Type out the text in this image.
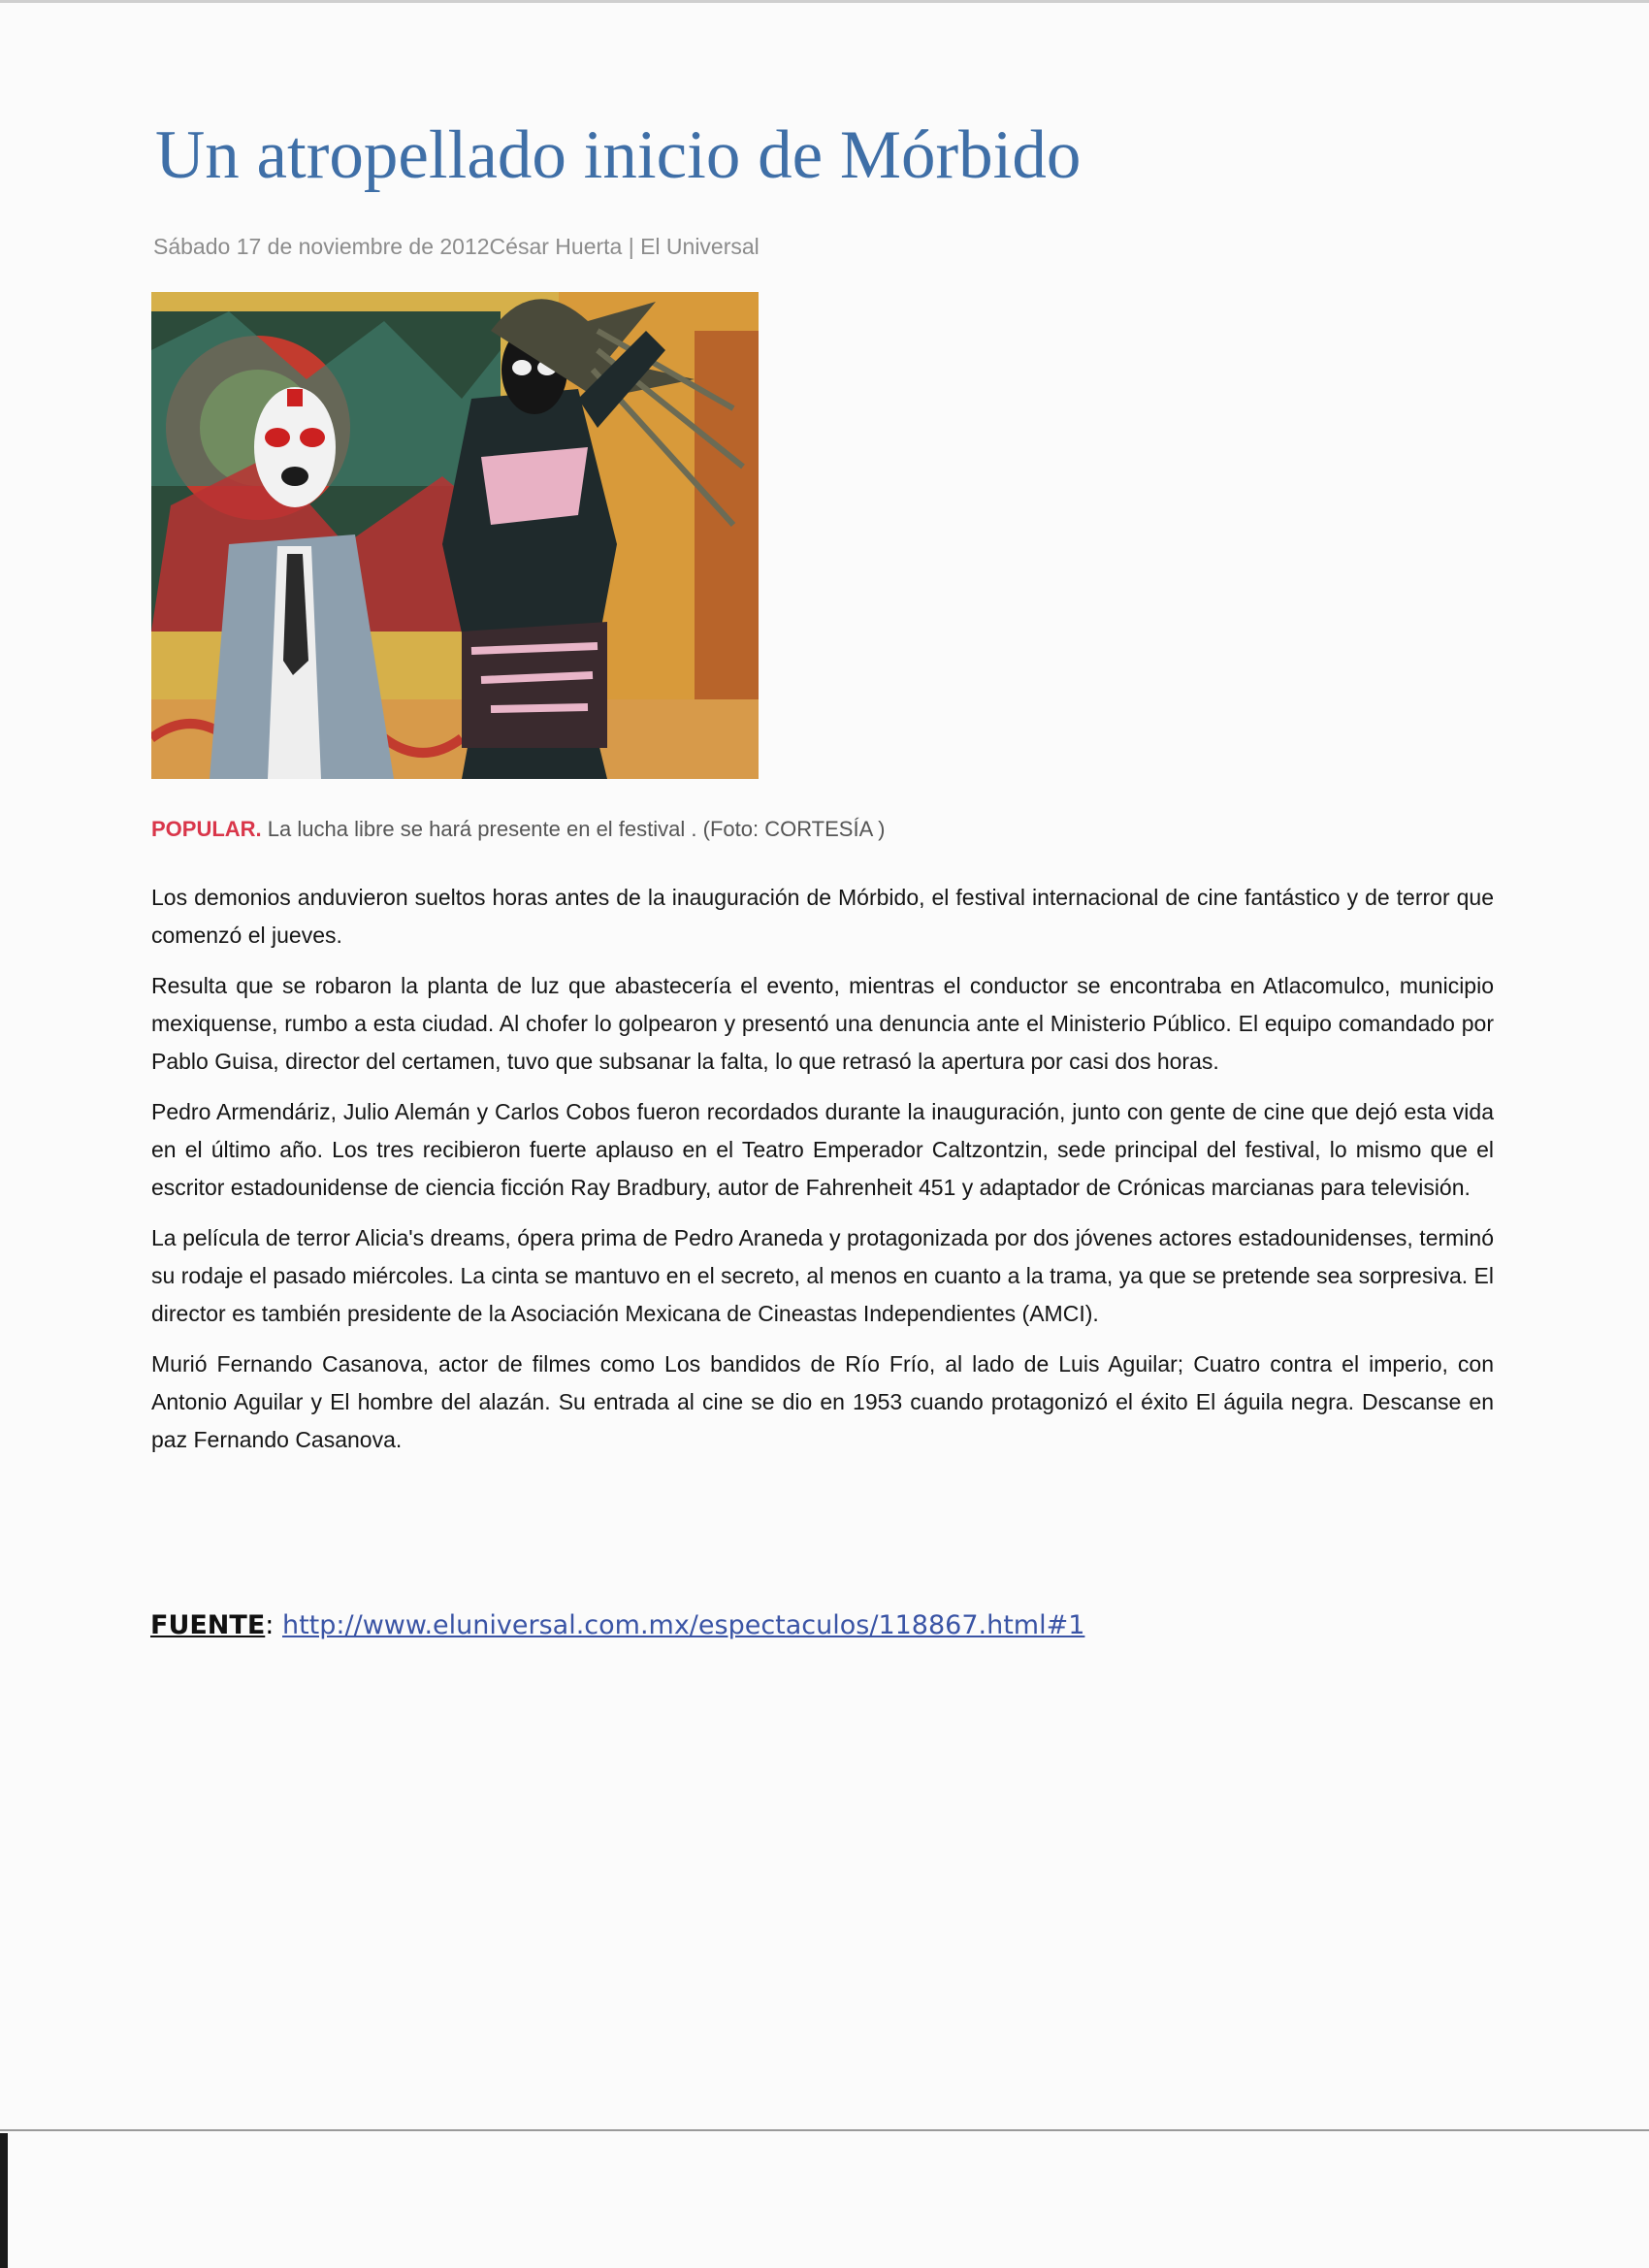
Un atropellado inicio de Mórbido
Sábado 17 de noviembre de 2012César Huerta | El Universal
POPULAR. La lucha libre se hará presente en el festival . (Foto: CORTESÍA )

Los demonios anduvieron sueltos horas antes de la inauguración de Mórbido, el festival internacional de cine fantástico y de terror que comenzó el jueves.

Resulta que se robaron la planta de luz que abastecería el evento, mientras el conductor se encontraba en Atlacomulco, municipio mexiquense, rumbo a esta ciudad. Al chofer lo golpearon y presentó una denuncia ante el Ministerio Público. El equipo comandado por Pablo Guisa, director del certamen, tuvo que subsanar la falta, lo que retrasó la apertura por casi dos horas.

Pedro Armendáriz, Julio Alemán y Carlos Cobos fueron recordados durante la inauguración, junto con gente de cine que dejó esta vida en el último año. Los tres recibieron fuerte aplauso en el Teatro Emperador Caltzontzin, sede principal del festival, lo mismo que el escritor estadounidense de ciencia ficción Ray Bradbury, autor de Fahrenheit 451 y adaptador de Crónicas marcianas para televisión.

La película de terror Alicia's dreams, ópera prima de Pedro Araneda y protagonizada por dos jóvenes actores estadounidenses, terminó su rodaje el pasado miércoles. La cinta se mantuvo en el secreto, al menos en cuanto a la trama, ya que se pretende sea sorpresiva. El director es también presidente de la Asociación Mexicana de Cineastas Independientes (AMCI).

Murió Fernando Casanova, actor de filmes como Los bandidos de Río Frío, al lado de Luis Aguilar; Cuatro contra el imperio, con Antonio Aguilar y El hombre del alazán. Su entrada al cine se dio en 1953 cuando protagonizó el éxito El águila negra. Descanse en paz Fernando Casanova.

FUENTE: http://www.eluniversal.com.mx/espectaculos/118867.html#1
